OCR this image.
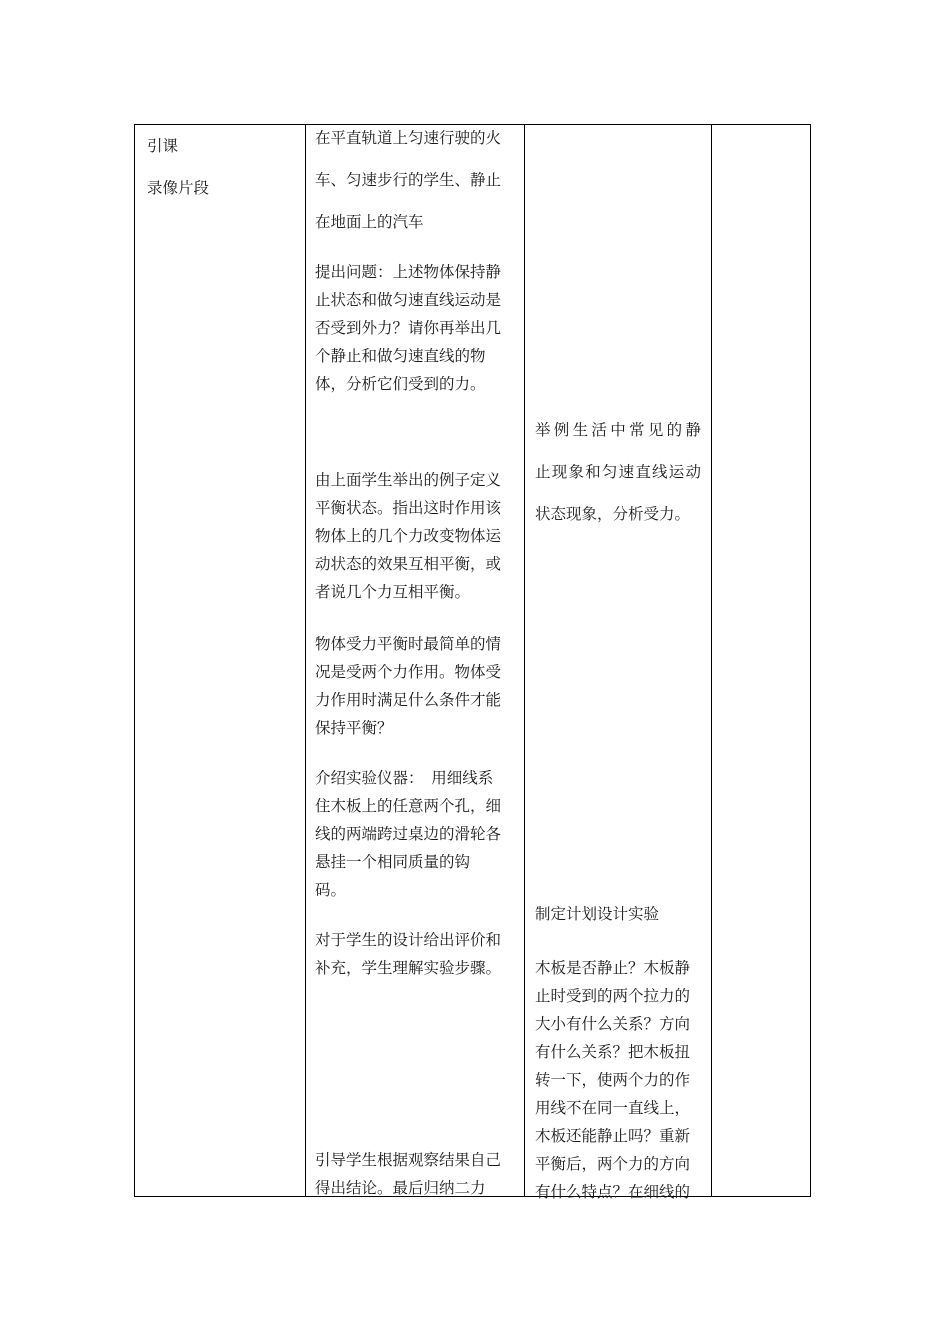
引课
录像片段
在平直轨道上匀速行驶的火
车、匀速步行的学生、静止
在地面上的汽车
提出问题：上述物体保持静
止状态和做匀速直线运动是
否受到外力？请你再举出几
个静止和做匀速直线的物
体，分析它们受到的力。
由上面学生举出的例子定义
平衡状态。指出这时作用该
物体上的几个力改变物体运
动状态的效果互相平衡，或
者说几个力互相平衡。
物体受力平衡时最简单的情
况是受两个力作用。物体受
力作用时满足什么条件才能
保持平衡？
介绍实验仪器：　用细线系
住木板上的任意两个孔，细
线的两端跨过桌边的滑轮各
悬挂一个相同质量的钩
码。
对于学生的设计给出评价和
补充，学生理解实验步骤。
引导学生根据观察结果自己
得出结论。最后归纳二力
举例生活中常见的静
止现象和匀速直线运动
状态现象，分析受力。
制定计划设计实验
木板是否静止？木板静
止时受到的两个拉力的
大小有什么关系？方向
有什么关系？把木板扭
转一下，使两个力的作
用线不在同一直线上，
木板还能静止吗？重新
平衡后，两个力的方向
有什么特点？在细线的
